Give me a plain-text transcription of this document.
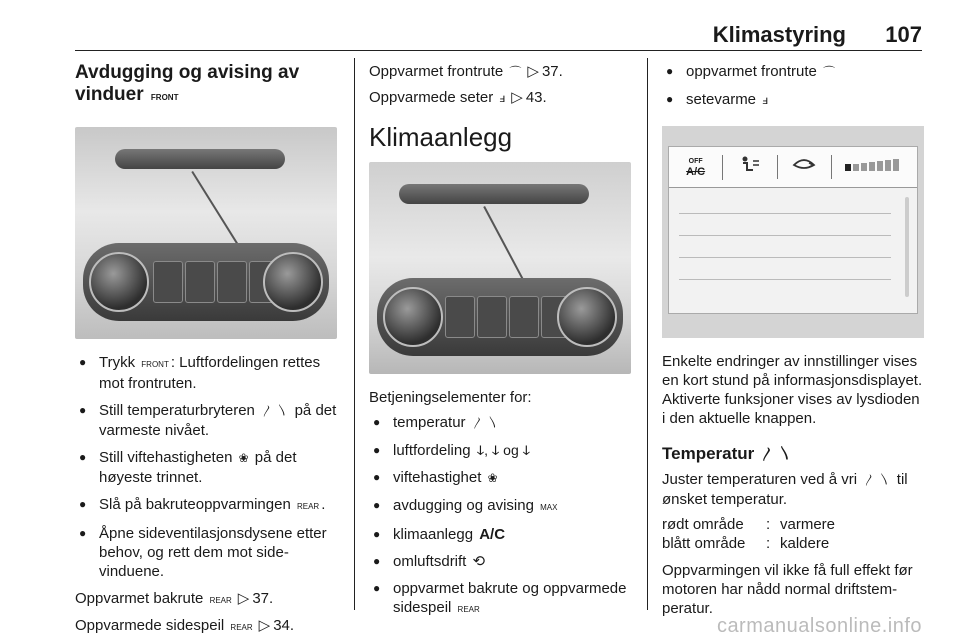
Klimastyring 107
Avdugging og avising av vinduer FRONT
● Trykk FRONT : Luftfordelingen rettes mot frontruten.
● Still temperaturbryteren 〳 〵 på det varmeste nivået.
● Still viftehastigheten ❀ på det høyeste trinnet.
● Slå på bakruteoppvarmingen REAR .
● Åpne sideventilasjonsdysene etter behov, og rett dem mot sidevinduene.

Oppvarmet bakrute REAR ▷ 37.

Oppvarmede sidespeil REAR ▷ 34.

Oppvarmet frontrute ⌒ ▷ 37.

Oppvarmede seter ⅎ ▷ 43.

Klimaanlegg

Betjeningselementer for:

● temperatur 〳 〵
● luftfordeling ↆ, ↆ og ↆ
● viftehastighet ❀
● avdugging og avising MAX
● klimaanlegg A/C
● omluftsdrift ⟲
● oppvarmet bakrute og oppvarmede sidespeil REAR
● oppvarmet frontrute ⌒
● setevarme ⅎ
OFF
A/C

Enkelte endringer av innstillinger vises en kort stund på informasjonsdisplayet. Aktiverte funksjoner vises av lysdioden i den aktuelle knappen.

Temperatur 〳 〵

Juster temperaturen ved å vri 〳 〵 til ønsket temperatur.

rødt område	: varmere
blått område	: kaldere

Oppvarmingen vil ikke få full effekt før motoren har nådd normal driftstemperatur.

carmanualsonline.info
